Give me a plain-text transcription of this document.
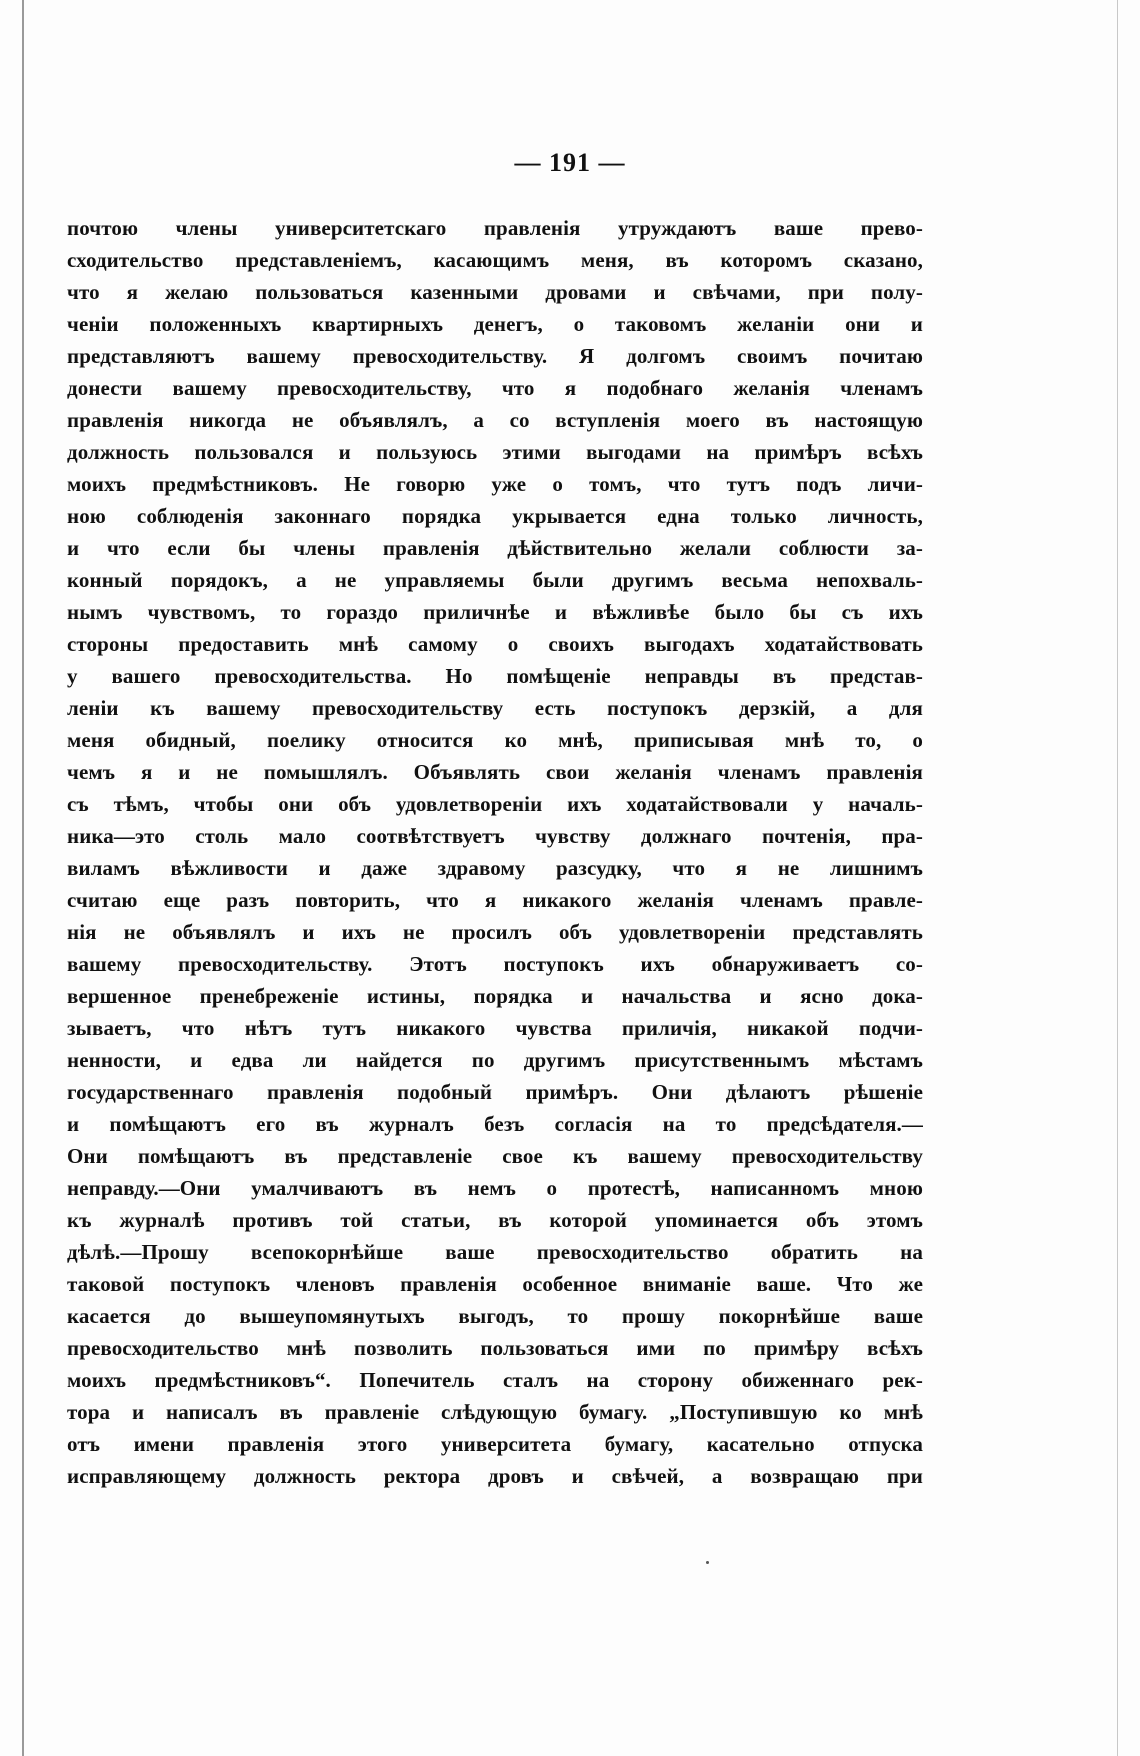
— 191 —
почтою члены университетскаго правленія утруждаютъ ваше прево-
сходительство представленіемъ, касающимъ меня, въ которомъ сказано,
что я желаю пользоваться казенными дровами и свѣчами, при полу-
ченіи положенныхъ квартирныхъ денегъ, о таковомъ желаніи они и
представляютъ вашему превосходительству. Я долгомъ своимъ почитаю
донести вашему превосходительству, что я подобнаго желанія членамъ
правленія никогда не объявлялъ, а со вступленія моего въ настоящую
должность пользовался и пользуюсь этими выгодами на примѣръ всѣхъ
моихъ предмѣстниковъ. Не говорю уже о томъ, что тутъ подъ личи-
ною соблюденія законнаго порядка укрывается една только личность,
и что если бы члены правленія дѣйствительно желали соблюсти за-
конный порядокъ, а не управляемы были другимъ весьма непохваль-
нымъ чувствомъ, то гораздо приличнѣе и вѣжливѣе было бы съ ихъ
стороны предоставить мнѣ самому о своихъ выгодахъ ходатайствовать
у вашего превосходительства. Но помѣщеніе неправды въ представ-
леніи къ вашему превосходительству есть поступокъ дерзкій, а для
меня обидный, поелику относится ко мнѣ, приписывая мнѣ то, о
чемъ я и не помышлялъ. Объявлять свои желанія членамъ правленія
съ тѣмъ, чтобы они объ удовлетвореніи ихъ ходатайствовали у началь-
ника—это столь мало соотвѣтствуетъ чувству должнаго почтенія, пра-
виламъ вѣжливости и даже здравому разсудку, что я не лишнимъ
считаю еще разъ повторить, что я никакого желанія членамъ правле-
нія не объявлялъ и ихъ не просилъ объ удовлетвореніи представлять
вашему превосходительству. Этотъ поступокъ ихъ обнаруживаетъ со-
вершенное пренебреженіе истины, порядка и начальства и ясно дока-
зываетъ, что нѣтъ тутъ никакого чувства приличія, никакой подчи-
ненности, и едва ли найдется по другимъ присутственнымъ мѣстамъ
государственнаго правленія подобный примѣръ. Они дѣлаютъ рѣшеніе
и помѣщаютъ его въ журналъ безъ согласія на то предсѣдателя.—
Они помѣщаютъ въ представленіе свое къ вашему превосходительству
неправду.—Они умалчиваютъ въ немъ о протестѣ, написанномъ мною
къ журналѣ противъ той статьи, въ которой упоминается объ этомъ
дѣлѣ.—Прошу всепокорнѣйше ваше превосходительство обратить на
таковой поступокъ членовъ правленія особенное вниманіе ваше. Что же
касается до вышеупомянутыхъ выгодъ, то прошу покорнѣйше ваше
превосходительство мнѣ позволить пользоваться ими по примѣру всѣхъ
моихъ предмѣстниковъ“. Попечитель сталъ на сторону обиженнаго рек-
тора и написалъ въ правленіе слѣдующую бумагу. „Поступившую ко мнѣ
отъ имени правленія этого университета бумагу, касательно отпуска
исправляющему должность ректора дровъ и свѣчей, а возвращаю при
